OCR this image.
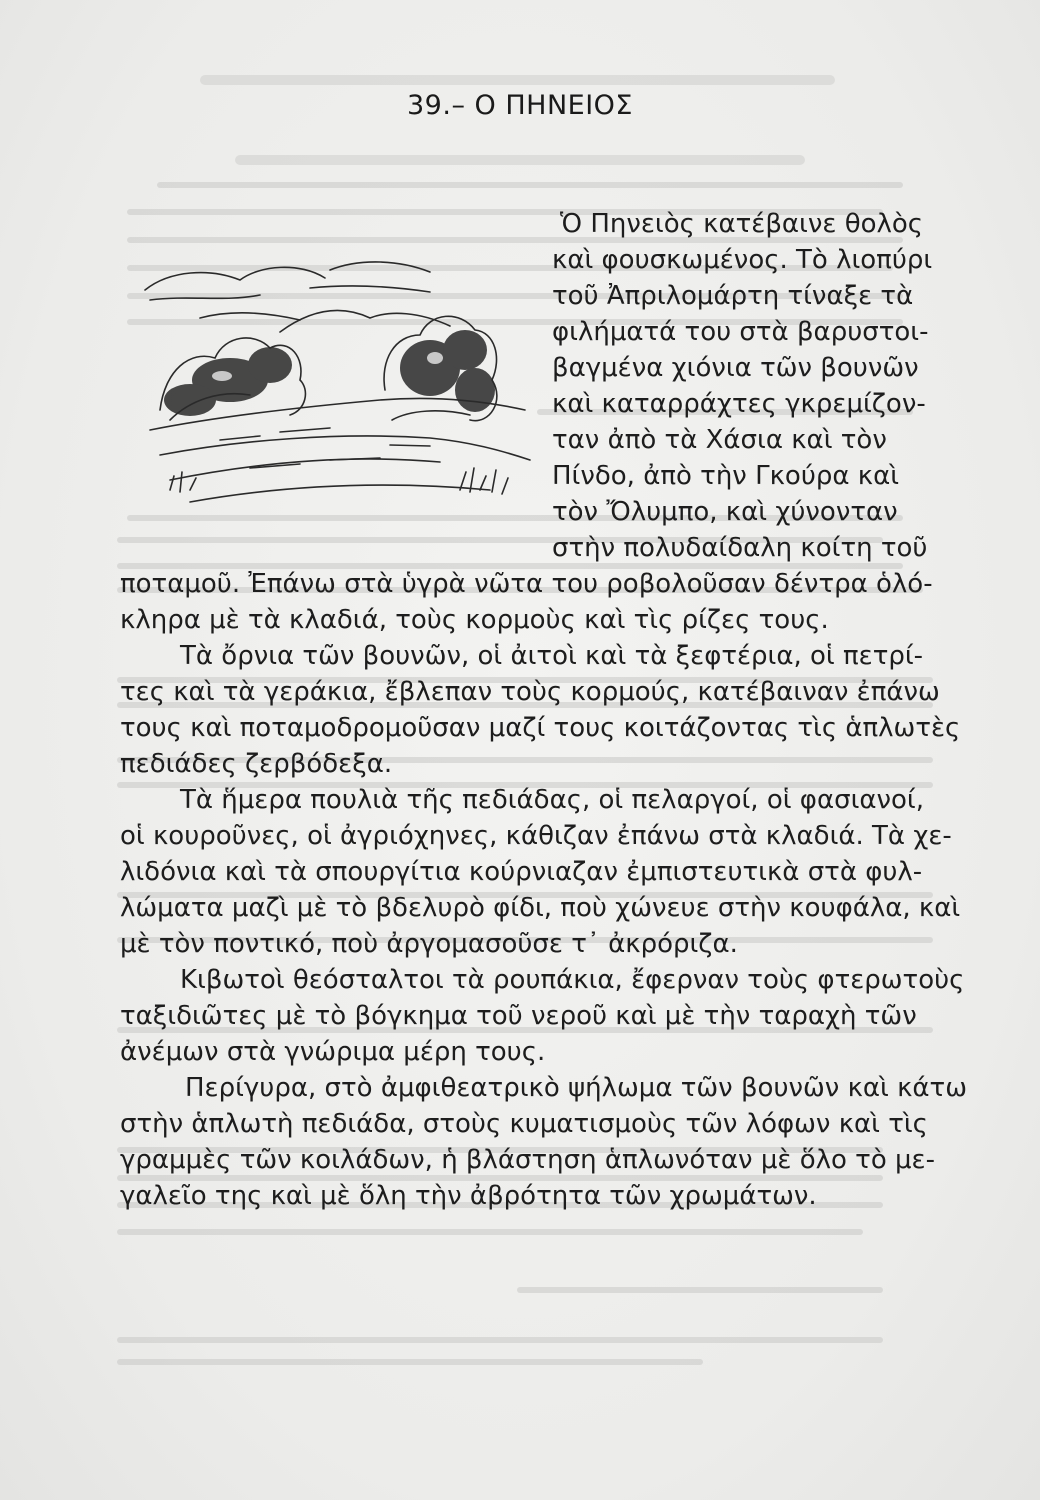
39.– Ο ΠΗΝΕΙΟΣ
Ὁ Πηνειὸς κατέβαινε θολὸς
καὶ φουσκωμένος. Τὸ λιοπύρι
τοῦ Ἀπριλομάρτη τίναξε τὰ
φιλήματά του στὰ βαρυστοι-
βαγμένα χιόνια τῶν βουνῶν
καὶ καταρράχτες γκρεμίζον-
ταν ἀπὸ τὰ Χάσια καὶ τὸν
Πίνδο, ἀπὸ τὴν Γκούρα καὶ
τὸν Ὄλυμπο, καὶ χύνονταν
στὴν πολυδαίδαλη κοίτη τοῦ
ποταμοῦ. Ἐπάνω στὰ ὑγρὰ νῶτα του ροβολοῦσαν δέντρα ὁλό-
κληρα μὲ τὰ κλαδιά, τοὺς κορμοὺς καὶ τὶς ρίζες τους.
Τὰ ὄρνια τῶν βουνῶν, οἱ ἀιτοὶ καὶ τὰ ξεφτέρια, οἱ πετρί-
τες καὶ τὰ γεράκια, ἔβλεπαν τοὺς κορμούς, κατέβαιναν ἐπάνω
τους καὶ ποταμοδρομοῦσαν μαζί τους κοιτάζοντας τὶς ἁπλωτὲς
πεδιάδες ζερβόδεξα.
Τὰ ἥμερα πουλιὰ τῆς πεδιάδας, οἱ πελαργοί, οἱ φασιανοί,
οἱ κουροῦνες, οἱ ἀγριόχηνες, κάθιζαν ἐπάνω στὰ κλαδιά. Τὰ χε-
λιδόνια καὶ τὰ σπουργίτια κούρνιαζαν ἐμπιστευτικὰ στὰ φυλ-
λώματα μαζὶ μὲ τὸ βδελυρὸ φίδι, ποὺ χώνευε στὴν κουφάλα, καὶ
μὲ τὸν ποντικό, ποὺ ἀργομασοῦσε τ᾿ ἀκρόριζα.
Κιβωτοὶ θεόσταλτοι τὰ ρουπάκια, ἔφερναν τοὺς φτερωτοὺς
ταξιδιῶτες μὲ τὸ βόγκημα τοῦ νεροῦ καὶ μὲ τὴν ταραχὴ τῶν
ἀνέμων στὰ γνώριμα μέρη τους.
Περίγυρα, στὸ ἀμφιθεατρικὸ ψήλωμα τῶν βουνῶν καὶ κάτω
στὴν ἁπλωτὴ πεδιάδα, στοὺς κυματισμοὺς τῶν λόφων καὶ τὶς
γραμμὲς τῶν κοιλάδων, ἡ βλάστηση ἁπλωνόταν μὲ ὅλο τὸ με-
γαλεῖο της καὶ μὲ ὅλη τὴν ἀβρότητα τῶν χρωμάτων.
